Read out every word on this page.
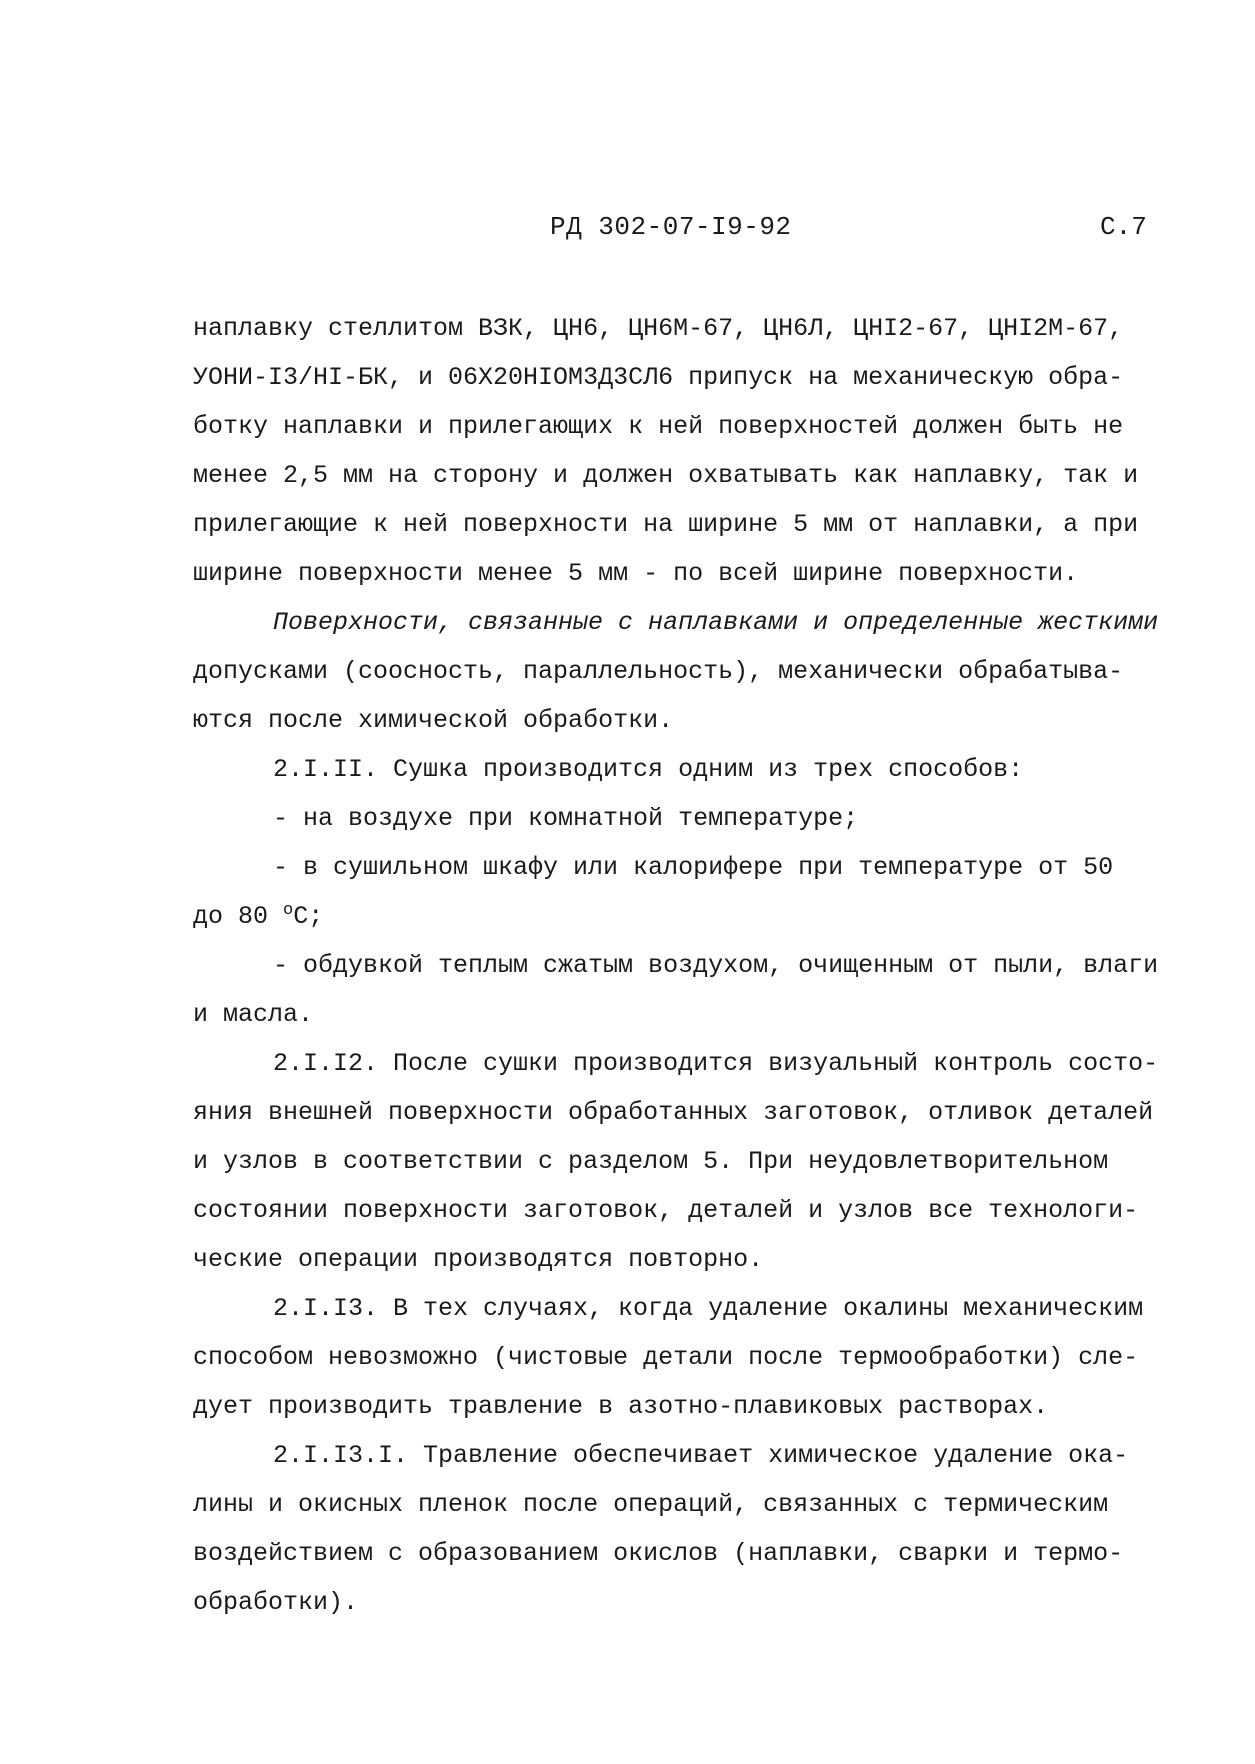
РД 302-07-I9-92	С.7
наплавку стеллитом ВЗК, ЦН6, ЦН6М-67, ЦН6Л, ЦНI2-67, ЦНI2М-67,
УОНИ-I3/НI-БК, и 06Х20НIОМ3Д3СЛ6 припуск на механическую обра-
ботку наплавки и прилегающих к ней поверхностей должен быть не
менее 2,5 мм на сторону и должен охватывать как наплавку, так и
прилегающие к ней поверхности на ширине 5 мм от наплавки, а при
ширине поверхности менее 5 мм - по всей ширине поверхности.
Поверхности, связанные с наплавками и определенные жесткими
допусками (соосность, параллельность), механически обрабатыва-
ются после химической обработки.
2.I.II. Сушка производится одним из трех способов:
- на воздухе при комнатной температуре;
- в сушильном шкафу или калорифере при температуре от 50
до 80 $^о$С;
- обдувкой теплым сжатым воздухом, очищенным от пыли, влаги
и масла.
2.I.I2. После сушки производится визуальный контроль состо-
яния внешней поверхности обработанных заготовок, отливок деталей
и узлов в соответствии с разделом 5. При неудовлетворительном
состоянии поверхности заготовок, деталей и узлов все технологи-
ческие операции производятся повторно.
2.I.I3. В тех случаях, когда удаление окалины механическим
способом невозможно (чистовые детали после термообработки) сле-
дует производить травление в азотно-плавиковых растворах.
2.I.I3.I. Травление обеспечивает химическое удаление ока-
лины и окисных пленок после операций, связанных с термическим
воздействием с образованием окислов (наплавки, сварки и термо-
обработки).
